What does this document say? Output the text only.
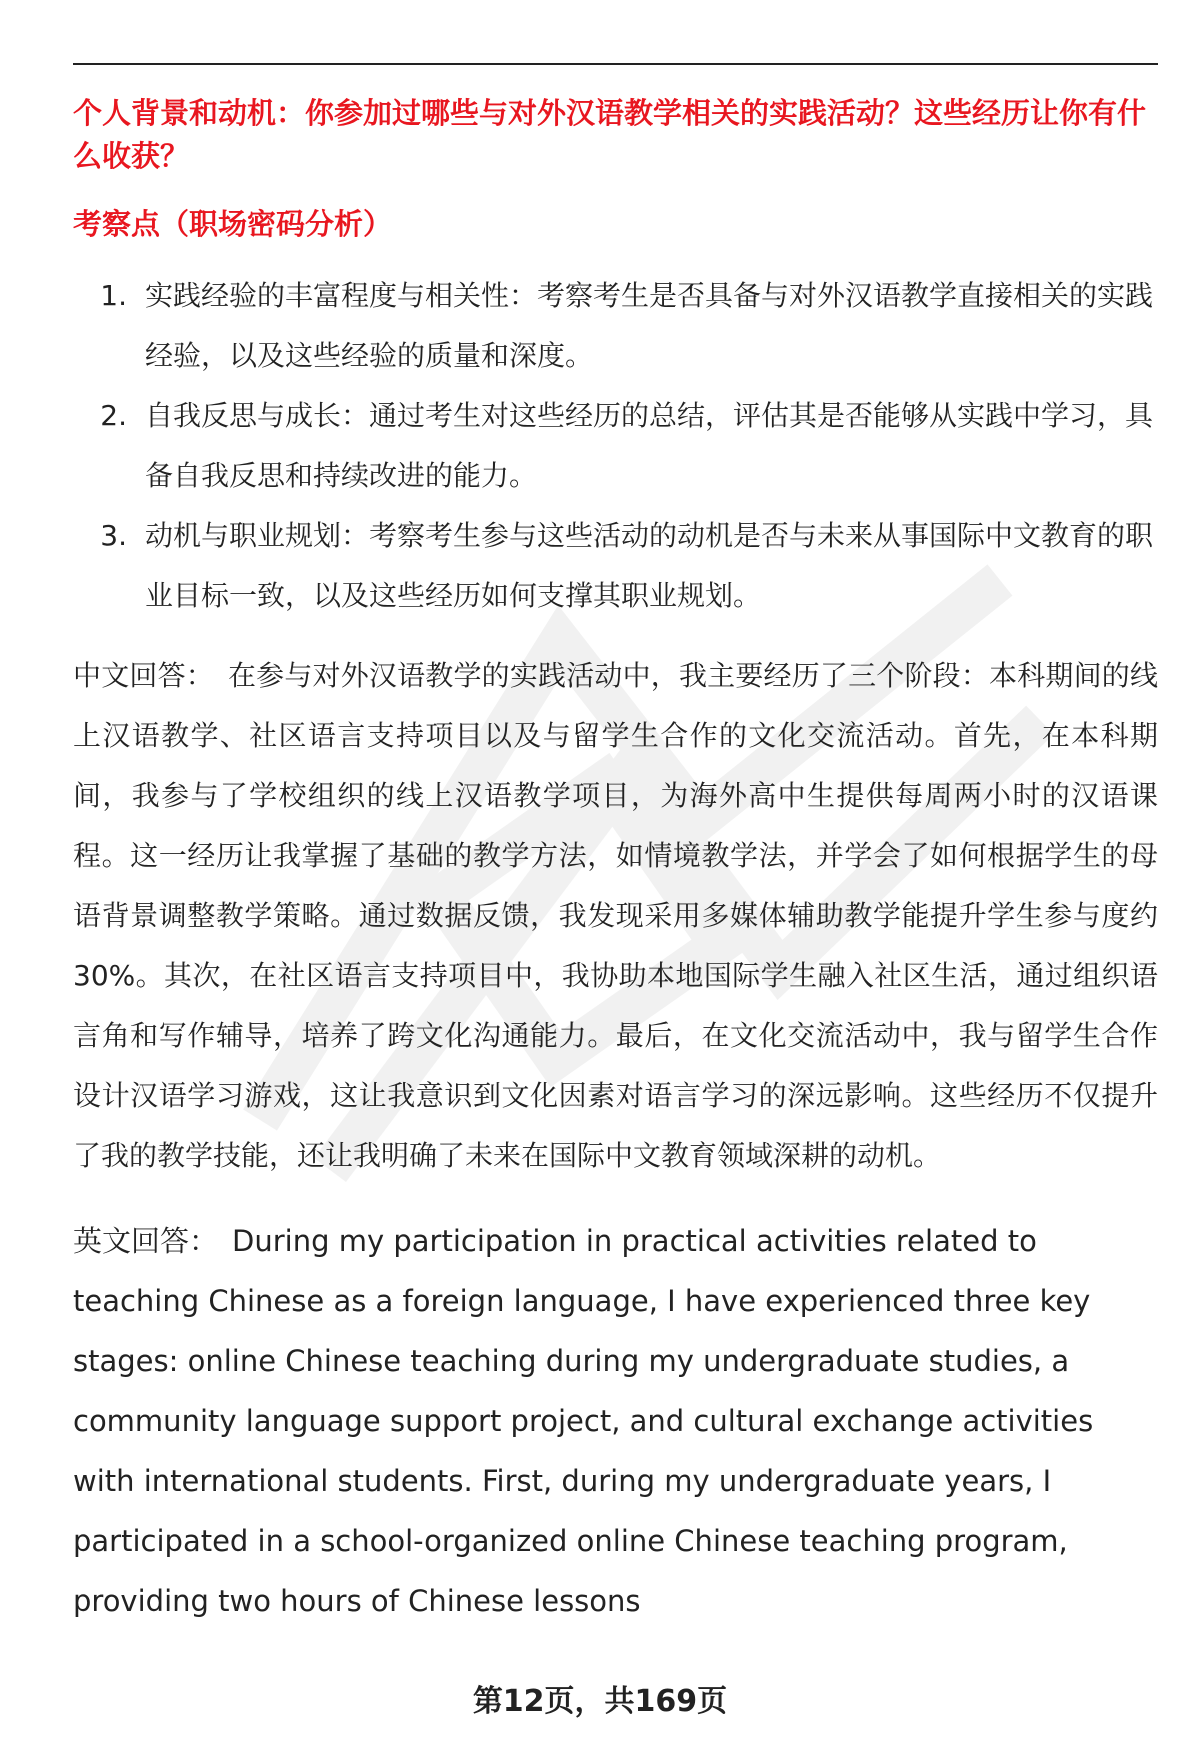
个人背景和动机：你参加过哪些与对外汉语教学相关的实践活动？这些经历让你有什么收获？

考察点（职场密码分析）

1. 实践经验的丰富程度与相关性：考察考生是否具备与对外汉语教学直接相关的实践经验，以及这些经验的质量和深度。
2. 自我反思与成长：通过考生对这些经历的总结，评估其是否能够从实践中学习，具备自我反思和持续改进的能力。
3. 动机与职业规划：考察考生参与这些活动的动机是否与未来从事国际中文教育的职业目标一致，以及这些经历如何支撑其职业规划。

中文回答： 在参与对外汉语教学的实践活动中，我主要经历了三个阶段：本科期间的线上汉语教学、社区语言支持项目以及与留学生合作的文化交流活动。首先，在本科期间，我参与了学校组织的线上汉语教学项目，为海外高中生提供每周两小时的汉语课程。这一经历让我掌握了基础的教学方法，如情境教学法，并学会了如何根据学生的母语背景调整教学策略。通过数据反馈，我发现采用多媒体辅助教学能提升学生参与度约30%。其次，在社区语言支持项目中，我协助本地国际学生融入社区生活，通过组织语言角和写作辅导，培养了跨文化沟通能力。最后，在文化交流活动中，我与留学生合作设计汉语学习游戏，这让我意识到文化因素对语言学习的深远影响。这些经历不仅提升了我的教学技能，还让我明确了未来在国际中文教育领域深耕的动机。

英文回答： During my participation in practical activities related to teaching Chinese as a foreign language, I have experienced three key stages: online Chinese teaching during my undergraduate studies, a community language support project, and cultural exchange activities with international students. First, during my undergraduate years, I participated in a school-organized online Chinese teaching program, providing two hours of Chinese lessons

第12页，共169页
